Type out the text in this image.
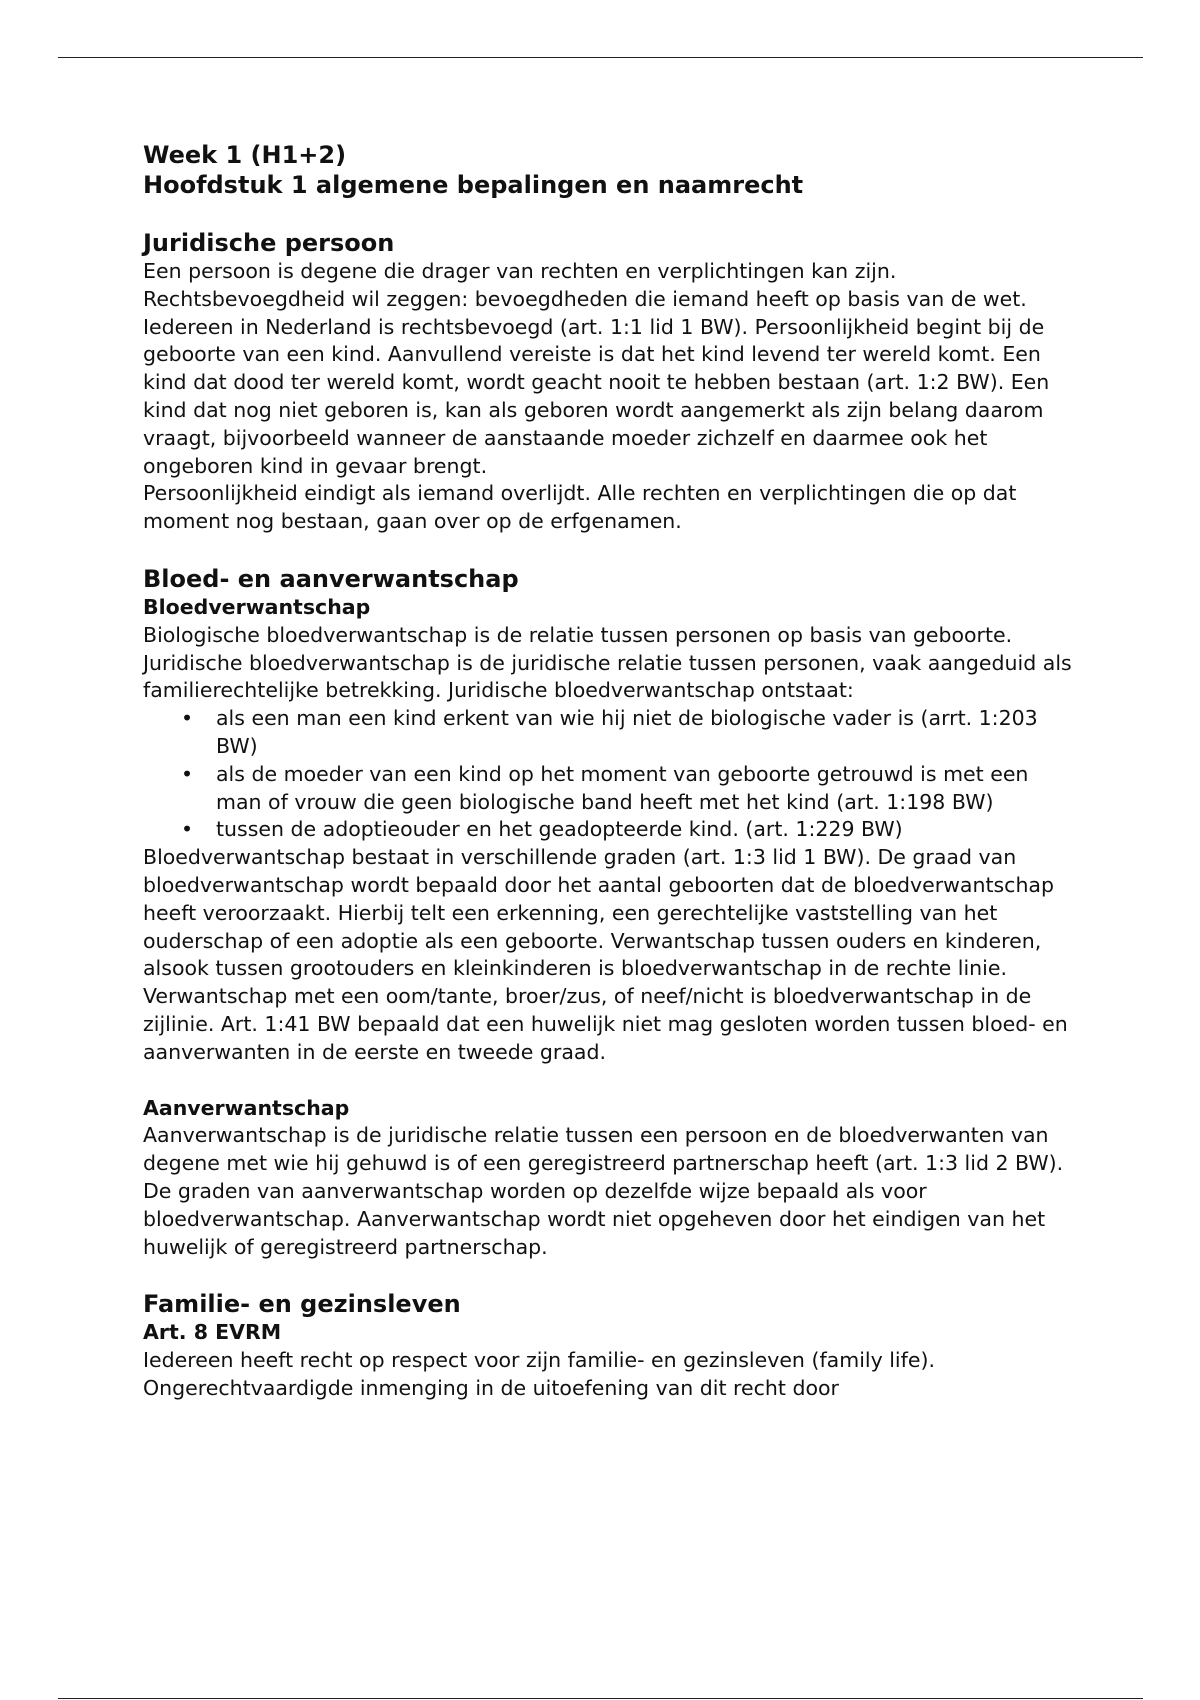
Week 1 (H1+2)
Hoofdstuk 1 algemene bepalingen en naamrecht
Juridische persoon

Een persoon is degene die drager van rechten en verplichtingen kan zijn. Rechtsbevoegdheid wil zeggen: bevoegdheden die iemand heeft op basis van de wet. Iedereen in Nederland is rechtsbevoegd (art. 1:1 lid 1 BW). Persoonlijkheid begint bij de geboorte van een kind. Aanvullend vereiste is dat het kind levend ter wereld komt. Een kind dat dood ter wereld komt, wordt geacht nooit te hebben bestaan (art. 1:2 BW). Een kind dat nog niet geboren is, kan als geboren wordt aangemerkt als zijn belang daarom vraagt, bijvoorbeeld wanneer de aanstaande moeder zichzelf en daarmee ook het ongeboren kind in gevaar brengt.

Persoonlijkheid eindigt als iemand overlijdt. Alle rechten en verplichtingen die op dat moment nog bestaan, gaan over op de erfgenamen.

Bloed- en aanverwantschap
Bloedverwantschap

Biologische bloedverwantschap is de relatie tussen personen op basis van geboorte.

Juridische bloedverwantschap is de juridische relatie tussen personen, vaak aangeduid als familierechtelijke betrekking. Juridische bloedverwantschap ontstaat:

• als een man een kind erkent van wie hij niet de biologische vader is (arrt. 1:203 BW)
• als de moeder van een kind op het moment van geboorte getrouwd is met een man of vrouw die geen biologische band heeft met het kind (art. 1:198 BW)
• tussen de adoptieouder en het geadopteerde kind. (art. 1:229 BW)

Bloedverwantschap bestaat in verschillende graden (art. 1:3 lid 1 BW). De graad van bloedverwantschap wordt bepaald door het aantal geboorten dat de bloedverwantschap heeft veroorzaakt. Hierbij telt een erkenning, een gerechtelijke vaststelling van het ouderschap of een adoptie als een geboorte. Verwantschap tussen ouders en kinderen, alsook tussen grootouders en kleinkinderen is bloedverwantschap in de rechte linie. Verwantschap met een oom/tante, broer/zus, of neef/nicht is bloedverwantschap in de zijlinie. Art. 1:41 BW bepaald dat een huwelijk niet mag gesloten worden tussen bloed- en aanverwanten in de eerste en tweede graad.

Aanverwantschap

Aanverwantschap is de juridische relatie tussen een persoon en de bloedverwanten van degene met wie hij gehuwd is of een geregistreerd partnerschap heeft (art. 1:3 lid 2 BW). De graden van aanverwantschap worden op dezelfde wijze bepaald als voor bloedverwantschap. Aanverwantschap wordt niet opgeheven door het eindigen van het huwelijk of geregistreerd partnerschap.

Familie- en gezinsleven
Art. 8 EVRM

Iedereen heeft recht op respect voor zijn familie- en gezinsleven (family life). Ongerechtvaardigde inmenging in de uitoefening van dit recht door
